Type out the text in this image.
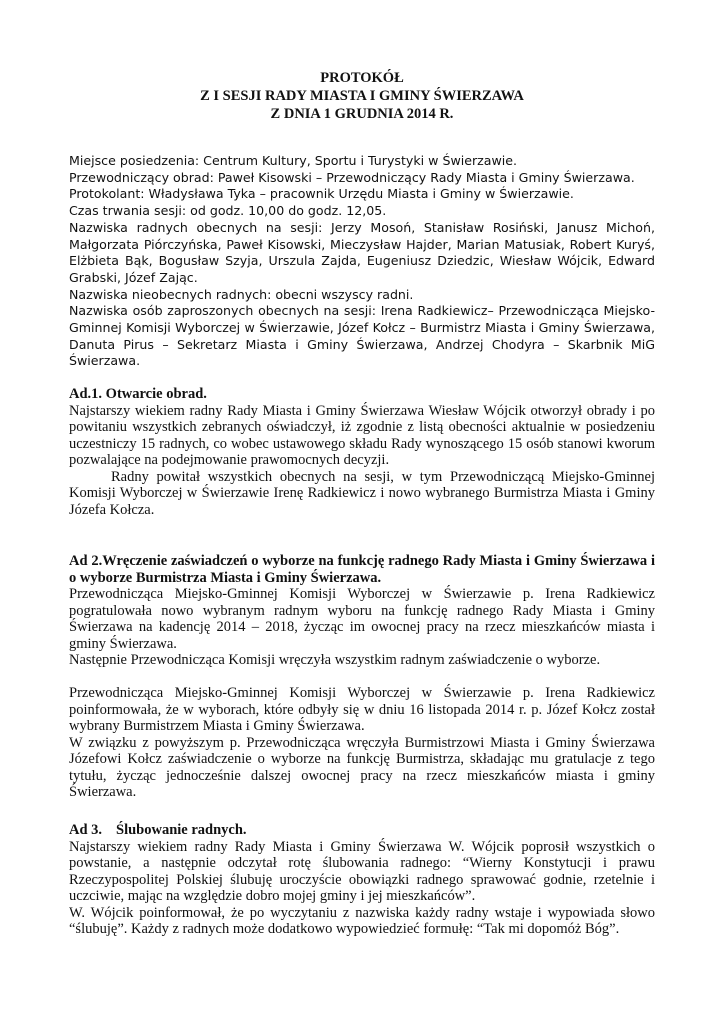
PROTOKÓŁ

Z I SESJI RADY MIASTA I GMINY ŚWIERZAWA

Z DNIA 1 GRUDNIA 2014 R.

Miejsce posiedzenia: Centrum Kultury, Sportu i Turystyki w Świerzawie.

Przewodniczący obrad: Paweł Kisowski – Przewodniczący Rady Miasta i Gminy Świerzawa.

Protokolant: Władysława Tyka – pracownik Urzędu Miasta i Gminy w Świerzawie.

Czas trwania sesji: od godz. 10,00 do godz. 12,05.

Nazwiska radnych obecnych na sesji: Jerzy Mosoń, Stanisław Rosiński, Janusz Michoń, Małgorzata Piórczyńska, Paweł Kisowski, Mieczysław Hajder, Marian Matusiak, Robert Kuryś, Elżbieta Bąk, Bogusław Szyja, Urszula Zajda, Eugeniusz Dziedzic, Wiesław Wójcik, Edward Grabski, Józef Zając.

Nazwiska nieobecnych radnych: obecni wszyscy radni.

Nazwiska osób zaproszonych obecnych na sesji: Irena Radkiewicz– Przewodnicząca Miejsko-Gminnej Komisji Wyborczej w Świerzawie, Józef Kołcz – Burmistrz Miasta i Gminy Świerzawa, Danuta Pirus – Sekretarz Miasta i Gminy Świerzawa, Andrzej Chodyra – Skarbnik MiG Świerzawa.

Ad.1. Otwarcie obrad.

Najstarszy wiekiem radny Rady Miasta i Gminy Świerzawa Wiesław Wójcik otworzył obrady i po powitaniu wszystkich zebranych oświadczył, iż zgodnie z listą obecności aktualnie w posiedzeniu uczestniczy 15 radnych, co wobec ustawowego składu Rady wynoszącego 15 osób stanowi kworum pozwalające na podejmowanie prawomocnych decyzji.

Radny powitał wszystkich obecnych na sesji, w tym Przewodniczącą Miejsko-Gminnej Komisji Wyborczej w Świerzawie Irenę Radkiewicz i nowo wybranego Burmistrza Miasta i Gminy Józefa Kołcza.

Ad 2.Wręczenie zaświadczeń o wyborze na funkcję radnego Rady Miasta i Gminy Świerzawa i o wyborze Burmistrza Miasta i Gminy Świerzawa.

Przewodnicząca Miejsko-Gminnej Komisji Wyborczej w Świerzawie p. Irena Radkiewicz pogratulowała nowo wybranym radnym wyboru na funkcję radnego Rady Miasta i Gminy Świerzawa na kadencję 2014 – 2018, życząc im owocnej pracy na rzecz mieszkańców miasta i gminy Świerzawa.

Następnie Przewodnicząca Komisji wręczyła wszystkim radnym zaświadczenie o wyborze.

Przewodnicząca Miejsko-Gminnej Komisji Wyborczej w Świerzawie p. Irena Radkiewicz poinformowała, że w wyborach, które odbyły się w dniu 16 listopada 2014 r. p. Józef Kołcz został wybrany Burmistrzem Miasta i Gminy Świerzawa.

W związku z powyższym p. Przewodnicząca wręczyła Burmistrzowi Miasta i Gminy Świerzawa Józefowi Kołcz zaświadczenie o wyborze na funkcję Burmistrza, składając mu gratulacje z tego tytułu, życząc jednocześnie dalszej owocnej pracy na rzecz mieszkańców miasta i gminy Świerzawa.

Ad 3. Ślubowanie radnych.

Najstarszy wiekiem radny Rady Miasta i Gminy Świerzawa W. Wójcik poprosił wszystkich o powstanie, a następnie odczytał rotę ślubowania radnego: “Wierny Konstytucji i prawu Rzeczypospolitej Polskiej ślubuję uroczyście obowiązki radnego sprawować godnie, rzetelnie i uczciwie, mając na względzie dobro mojej gminy i jej mieszkańców”.

W. Wójcik poinformował, że po wyczytaniu z nazwiska każdy radny wstaje i wypowiada słowo “ślubuję”. Każdy z radnych może dodatkowo wypowiedzieć formułę: “Tak mi dopomóż Bóg”.
